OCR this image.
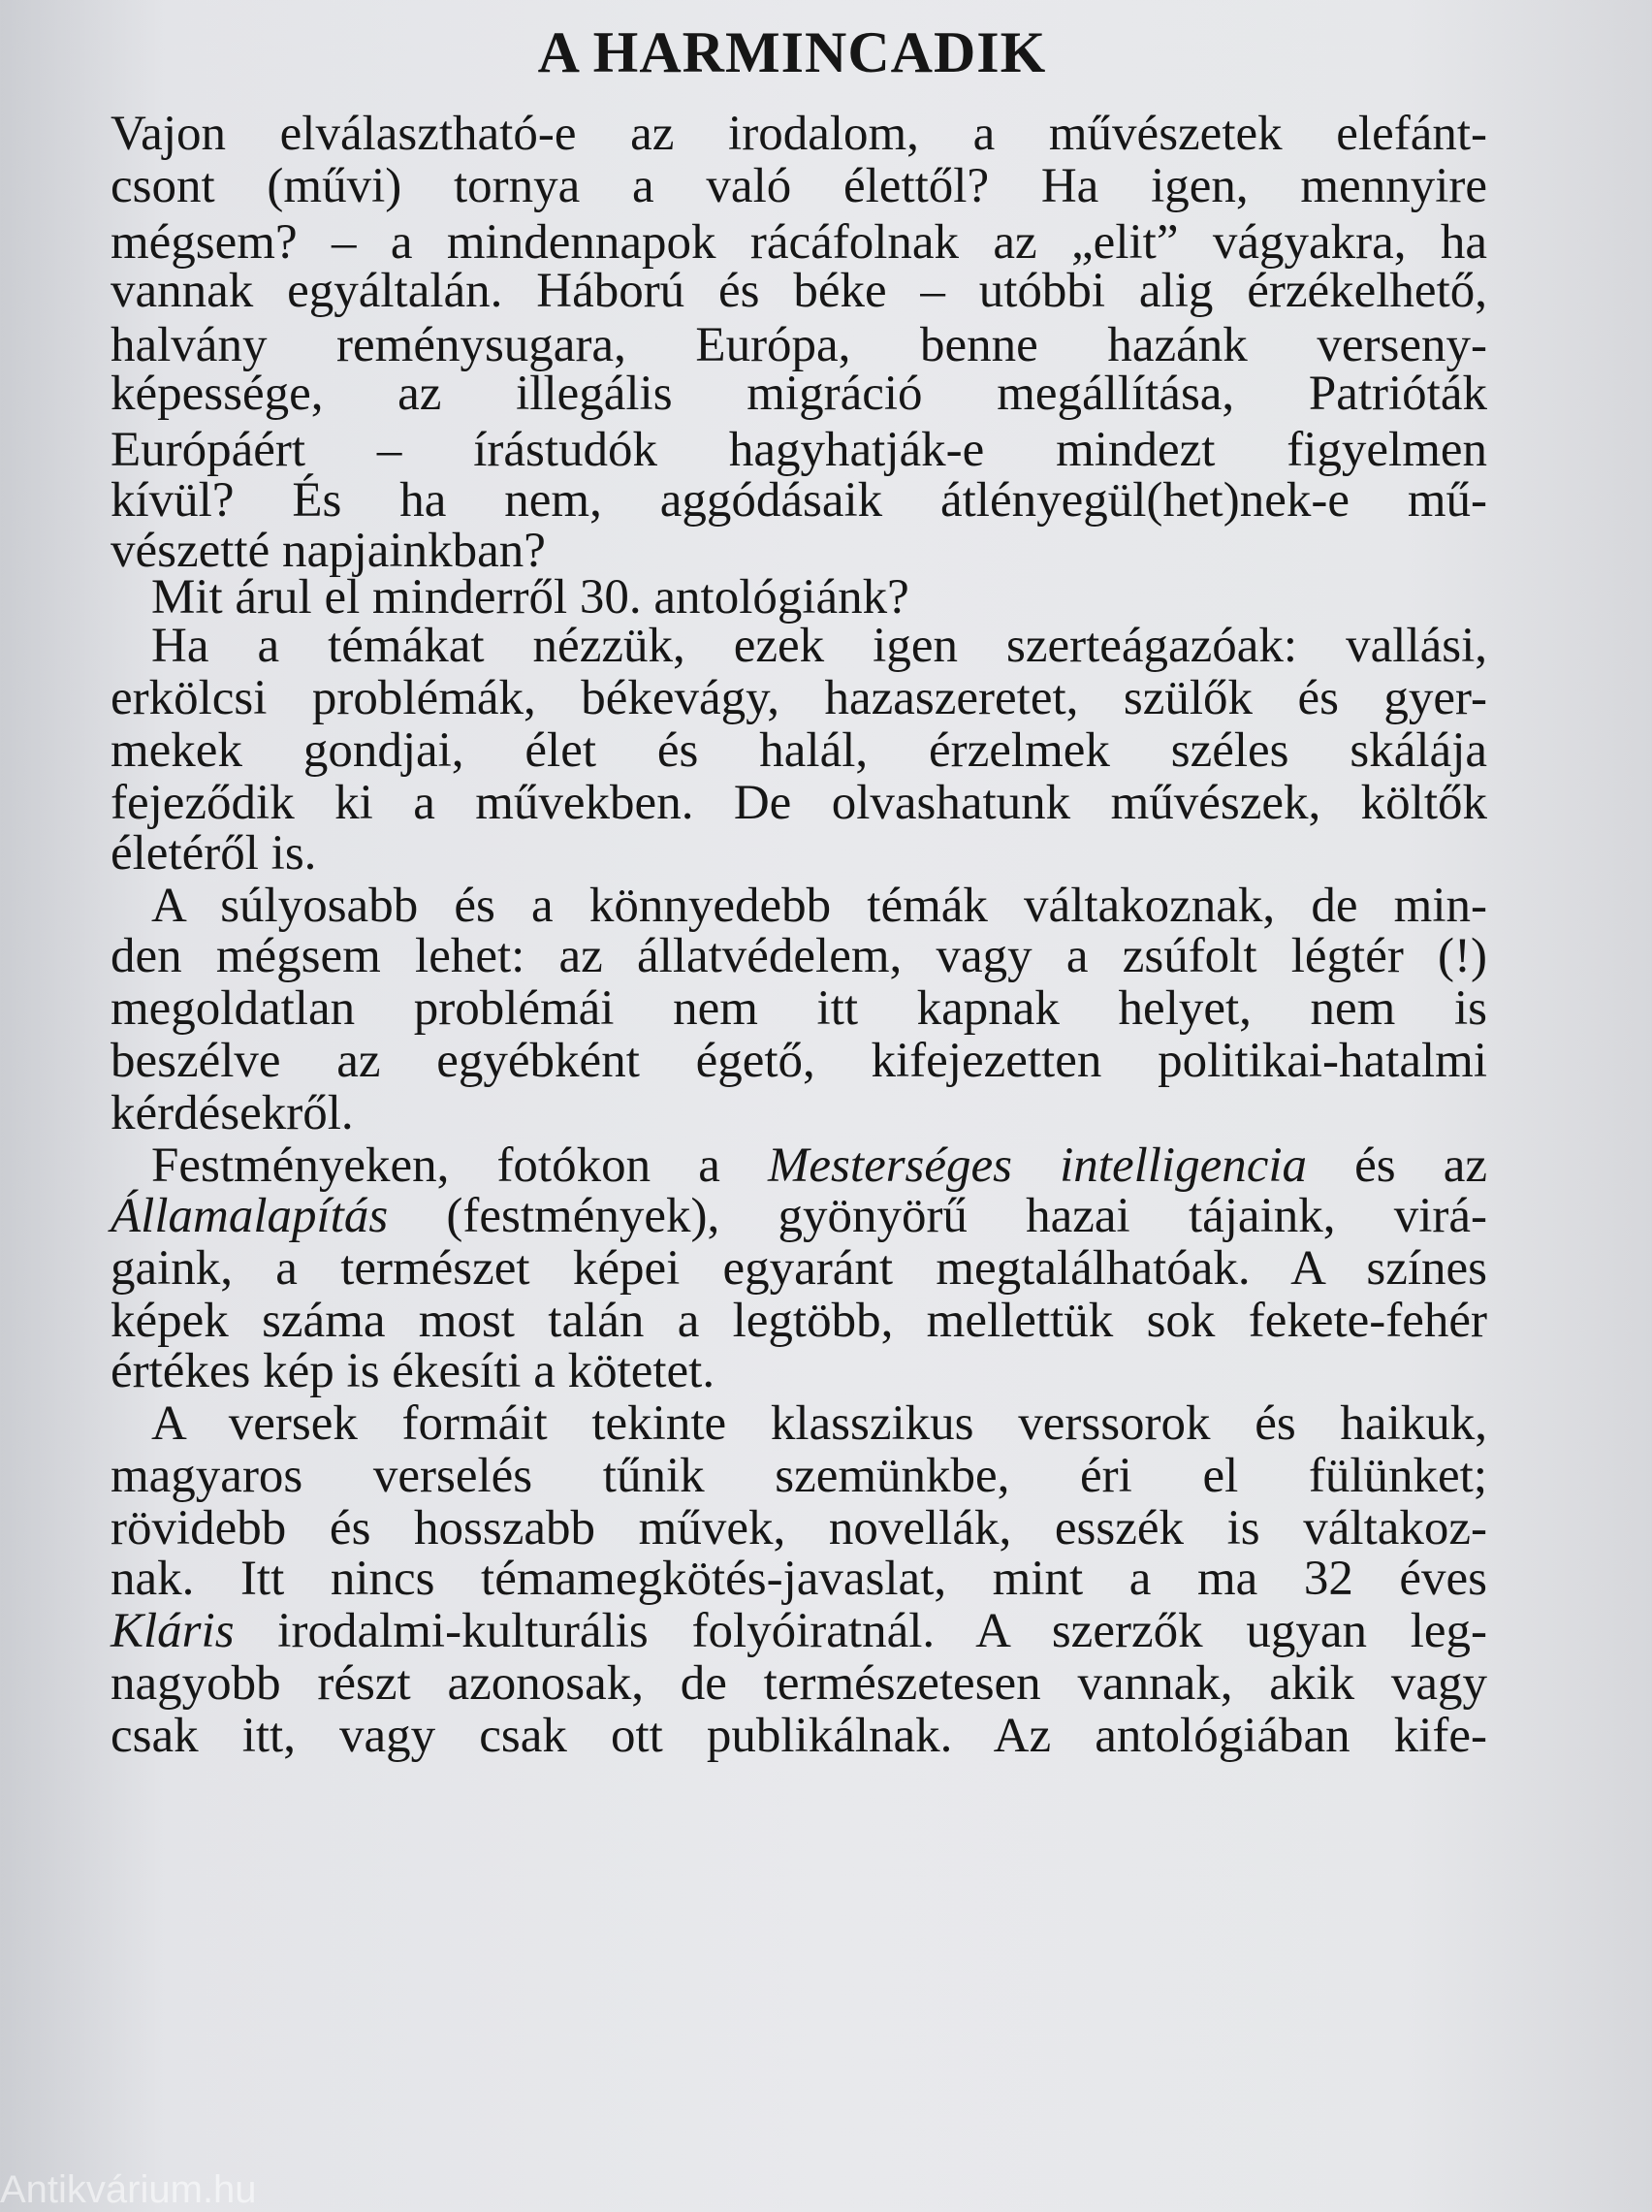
A HARMINCADIK
Vajon elválasztható-e az irodalom, a művészetek elefánt-
csont (művi) tornya a való élettől? Ha igen, mennyire
mégsem? – a mindennapok rácáfolnak az „elit” vágyakra, ha
vannak egyáltalán. Háború és béke – utóbbi alig érzékelhető,
halvány reménysugara, Európa, benne hazánk verseny-
képessége, az illegális migráció megállítása, Patrióták
Európáért – írástudók hagyhatják-e mindezt figyelmen
kívül? És ha nem, aggódásaik átlényegül(het)nek-e mű-
vészetté napjainkban?
Mit árul el minderről 30. antológiánk?
Ha a témákat nézzük, ezek igen szerteágazóak: vallási,
erkölcsi problémák, békevágy, hazaszeretet, szülők és gyer-
mekek gondjai, élet és halál, érzelmek széles skálája
fejeződik ki a művekben. De olvashatunk művészek, költők
életéről is.
A súlyosabb és a könnyedebb témák váltakoznak, de min-
den mégsem lehet: az állatvédelem, vagy a zsúfolt légtér (!)
megoldatlan problémái nem itt kapnak helyet, nem is
beszélve az egyébként égető, kifejezetten politikai-hatalmi
kérdésekről.
Festményeken, fotókon a Mesterséges intelligencia és az
Államalapítás (festmények), gyönyörű hazai tájaink, virá-
gaink, a természet képei egyaránt megtalálhatóak. A színes
képek száma most talán a legtöbb, mellettük sok fekete-fehér
értékes kép is ékesíti a kötetet.
A versek formáit tekinte klasszikus verssorok és haikuk,
magyaros verselés tűnik szemünkbe, éri el fülünket;
rövidebb és hosszabb művek, novellák, esszék is váltakoz-
nak. Itt nincs témamegkötés-javaslat, mint a ma 32 éves
Kláris irodalmi-kulturális folyóiratnál. A szerzők ugyan leg-
nagyobb részt azonosak, de természetesen vannak, akik vagy
csak itt, vagy csak ott publikálnak. Az antológiában kife-
Antikvárium.hu
